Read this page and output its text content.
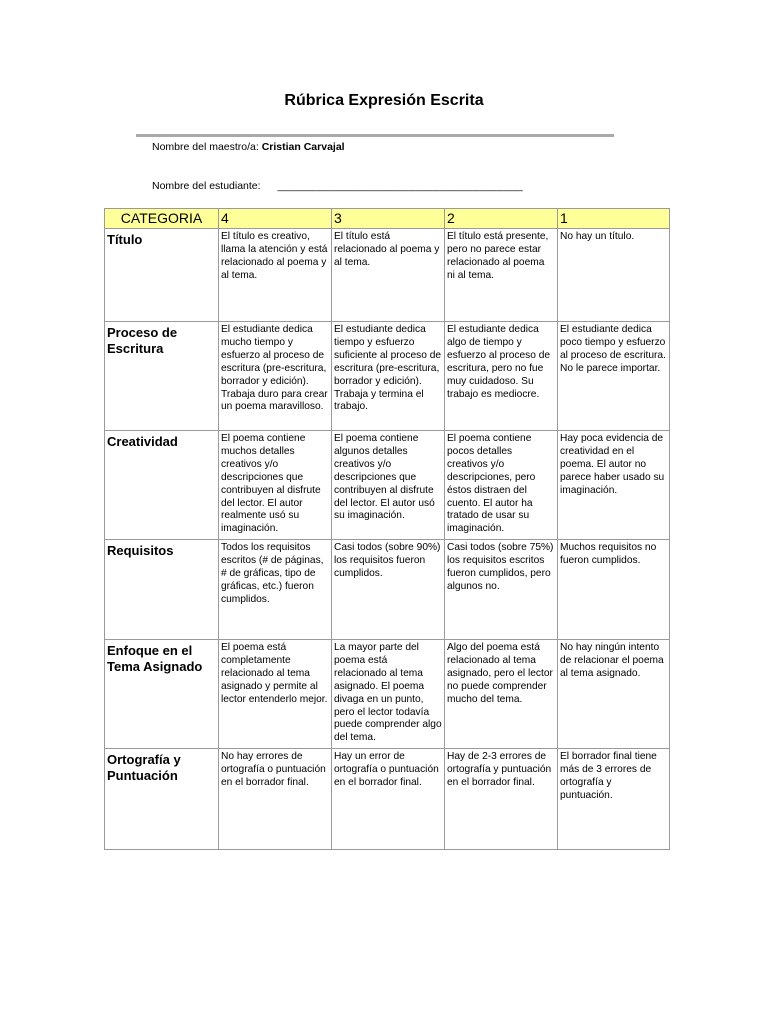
Rúbrica Expresión Escrita
Nombre del maestro/a: Cristian Carvajal
Nombre del estudiante: __________________________________________
CATEGORIA	4	3	2	1
Título	El título es creativo, llama la atención y está relacionado al poema y al tema.	El título está relacionado al poema y al tema.	El título está presente, pero no parece estar relacionado al poema ni al tema.	No hay un título.
Proceso de Escritura	El estudiante dedica mucho tiempo y esfuerzo al proceso de escritura (pre-escritura, borrador y edición). Trabaja duro para crear un poema maravilloso.	El estudiante dedica tiempo y esfuerzo suficiente al proceso de escritura (pre-escritura, borrador y edición). Trabaja y termina el trabajo.	El estudiante dedica algo de tiempo y esfuerzo al proceso de escritura, pero no fue muy cuidadoso. Su trabajo es mediocre.	El estudiante dedica poco tiempo y esfuerzo al proceso de escritura. No le parece importar.
Creatividad	El poema contiene muchos detalles creativos y/o descripciones que contribuyen al disfrute del lector. El autor realmente usó su imaginación.	El poema contiene algunos detalles creativos y/o descripciones que contribuyen al disfrute del lector. El autor usó su imaginación.	El poema contiene pocos detalles creativos y/o descripciones, pero éstos distraen del cuento. El autor ha tratado de usar su imaginación.	Hay poca evidencia de creatividad en el poema. El autor no parece haber usado su imaginación.
Requisitos	Todos los requisitos escritos (# de páginas, # de gráficas, tipo de gráficas, etc.) fueron cumplidos.	Casi todos (sobre 90%) los requisitos fueron cumplidos.	Casi todos (sobre 75%) los requisitos escritos fueron cumplidos, pero algunos no.	Muchos requisitos no fueron cumplidos.
Enfoque en el Tema Asignado	El poema está completamente relacionado al tema asignado y permite al lector entenderlo mejor.	La mayor parte del poema está relacionado al tema asignado. El poema divaga en un punto, pero el lector todavía puede comprender algo del tema.	Algo del poema está relacionado al tema asignado, pero el lector no puede comprender mucho del tema.	No hay ningún intento de relacionar el poema al tema asignado.
Ortografía y Puntuación	No hay errores de ortografía o puntuación en el borrador final.	Hay un error de ortografía o puntuación en el borrador final.	Hay de 2-3 errores de ortografía y puntuación en el borrador final.	El borrador final tiene más de 3 errores de ortografía y puntuación.
